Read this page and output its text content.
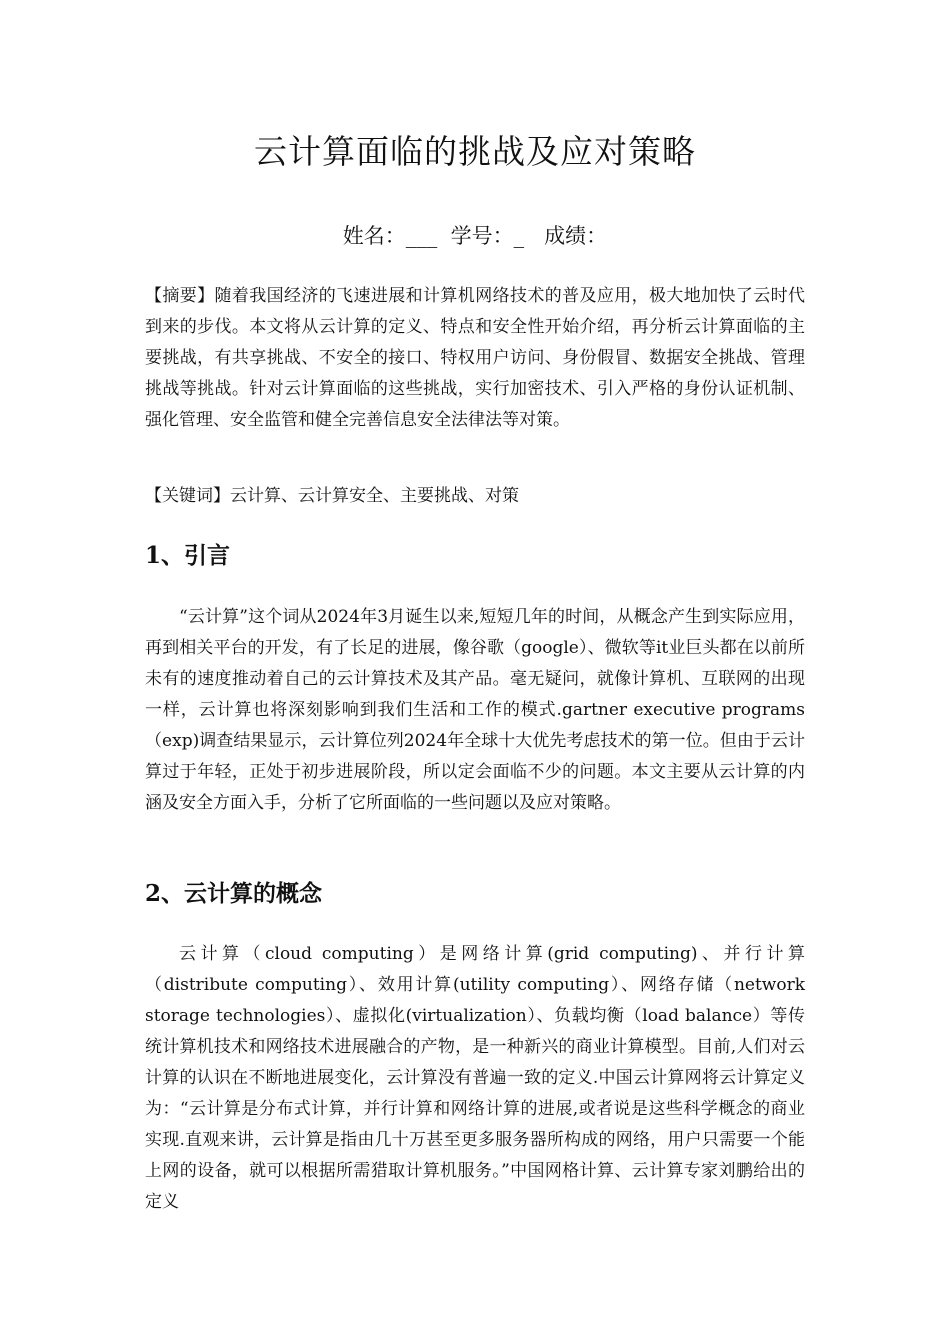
云计算面临的挑战及应对策略
姓名：___  学号：_   成绩：

【摘要】随着我国经济的飞速进展和计算机网络技术的普及应用，极大地加快了云时代到来的步伐。本文将从云计算的定义、特点和安全性开始介绍，再分析云计算面临的主要挑战，有共享挑战、不安全的接口、特权用户访问、身份假冒、数据安全挑战、管理挑战等挑战。针对云计算面临的这些挑战，实行加密技术、引入严格的身份认证机制、强化管理、安全监管和健全完善信息安全法律法等对策。

【关键词】云计算、云计算安全、主要挑战、对策

1、引言

“云计算”这个词从2024年3月诞生以来,短短几年的时间，从概念产生到实际应用，再到相关平台的开发，有了长足的进展，像谷歌（google）、微软等it业巨头都在以前所未有的速度推动着自己的云计算技术及其产品。毫无疑问，就像计算机、互联网的出现一样，云计算也将深刻影响到我们生活和工作的模式.gartner executive programs（exp)调查结果显示，云计算位列2024年全球十大优先考虑技术的第一位。但由于云计算过于年轻，正处于初步进展阶段，所以定会面临不少的问题。本文主要从云计算的内涵及安全方面入手，分析了它所面临的一些问题以及应对策略。

2、云计算的概念

云计算（cloud computing）是网络计算(grid computing)、并行计算（distribute computing）、效用计算(utility computing）、网络存储（network storage technologies）、虚拟化(virtualization）、负载均衡（load balance）等传统计算机技术和网络技术进展融合的产物，是一种新兴的商业计算模型。目前,人们对云计算的认识在不断地进展变化，云计算没有普遍一致的定义.中国云计算网将云计算定义为：“云计算是分布式计算，并行计算和网络计算的进展,或者说是这些科学概念的商业实现.直观来讲，云计算是指由几十万甚至更多服务器所构成的网络，用户只需要一个能上网的设备，就可以根据所需猎取计算机服务。”中国网格计算、云计算专家刘鹏给出的定义
